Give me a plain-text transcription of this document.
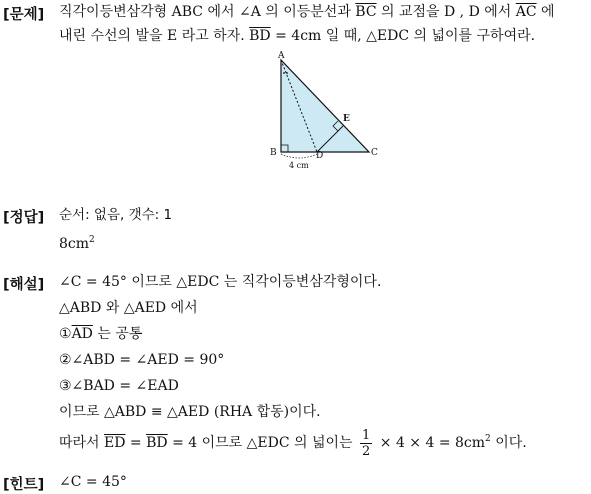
[문제] 직각이등변삼각형 ABC 에서 ∠A 의 이등분선과 $\overline{BC}$ 의 교점을 D , D 에서 $\overline{AC}$ 에
내린 수선의 발을 E 라고 하자. $\overline{BD} = 4cm$ 일 때, △EDC 의 넓이를 구하여라.
A
B	C
D
E
4 cm
[정답] 순서: 없음, 갯수: 1
$8cm^2$
[해설] ∠C = 45° 이므로 △EDC 는 직각이등변삼각형이다.
△ABD 와 △AED 에서
$①\overline{AD}$ 는 공통
②∠ABD = ∠AED = 90°
③∠BAD = ∠EAD
이므로 △ABD ≡ △AED (RHA 합동)이다.
따라서 $\overline{ED} = \overline{BD} = 4$ 이므로 △EDC 의 넓이는 $\frac{1}{2} \times 4 \times 4 = 8cm^2$ 이다.
[힌트] ∠C = 45°
